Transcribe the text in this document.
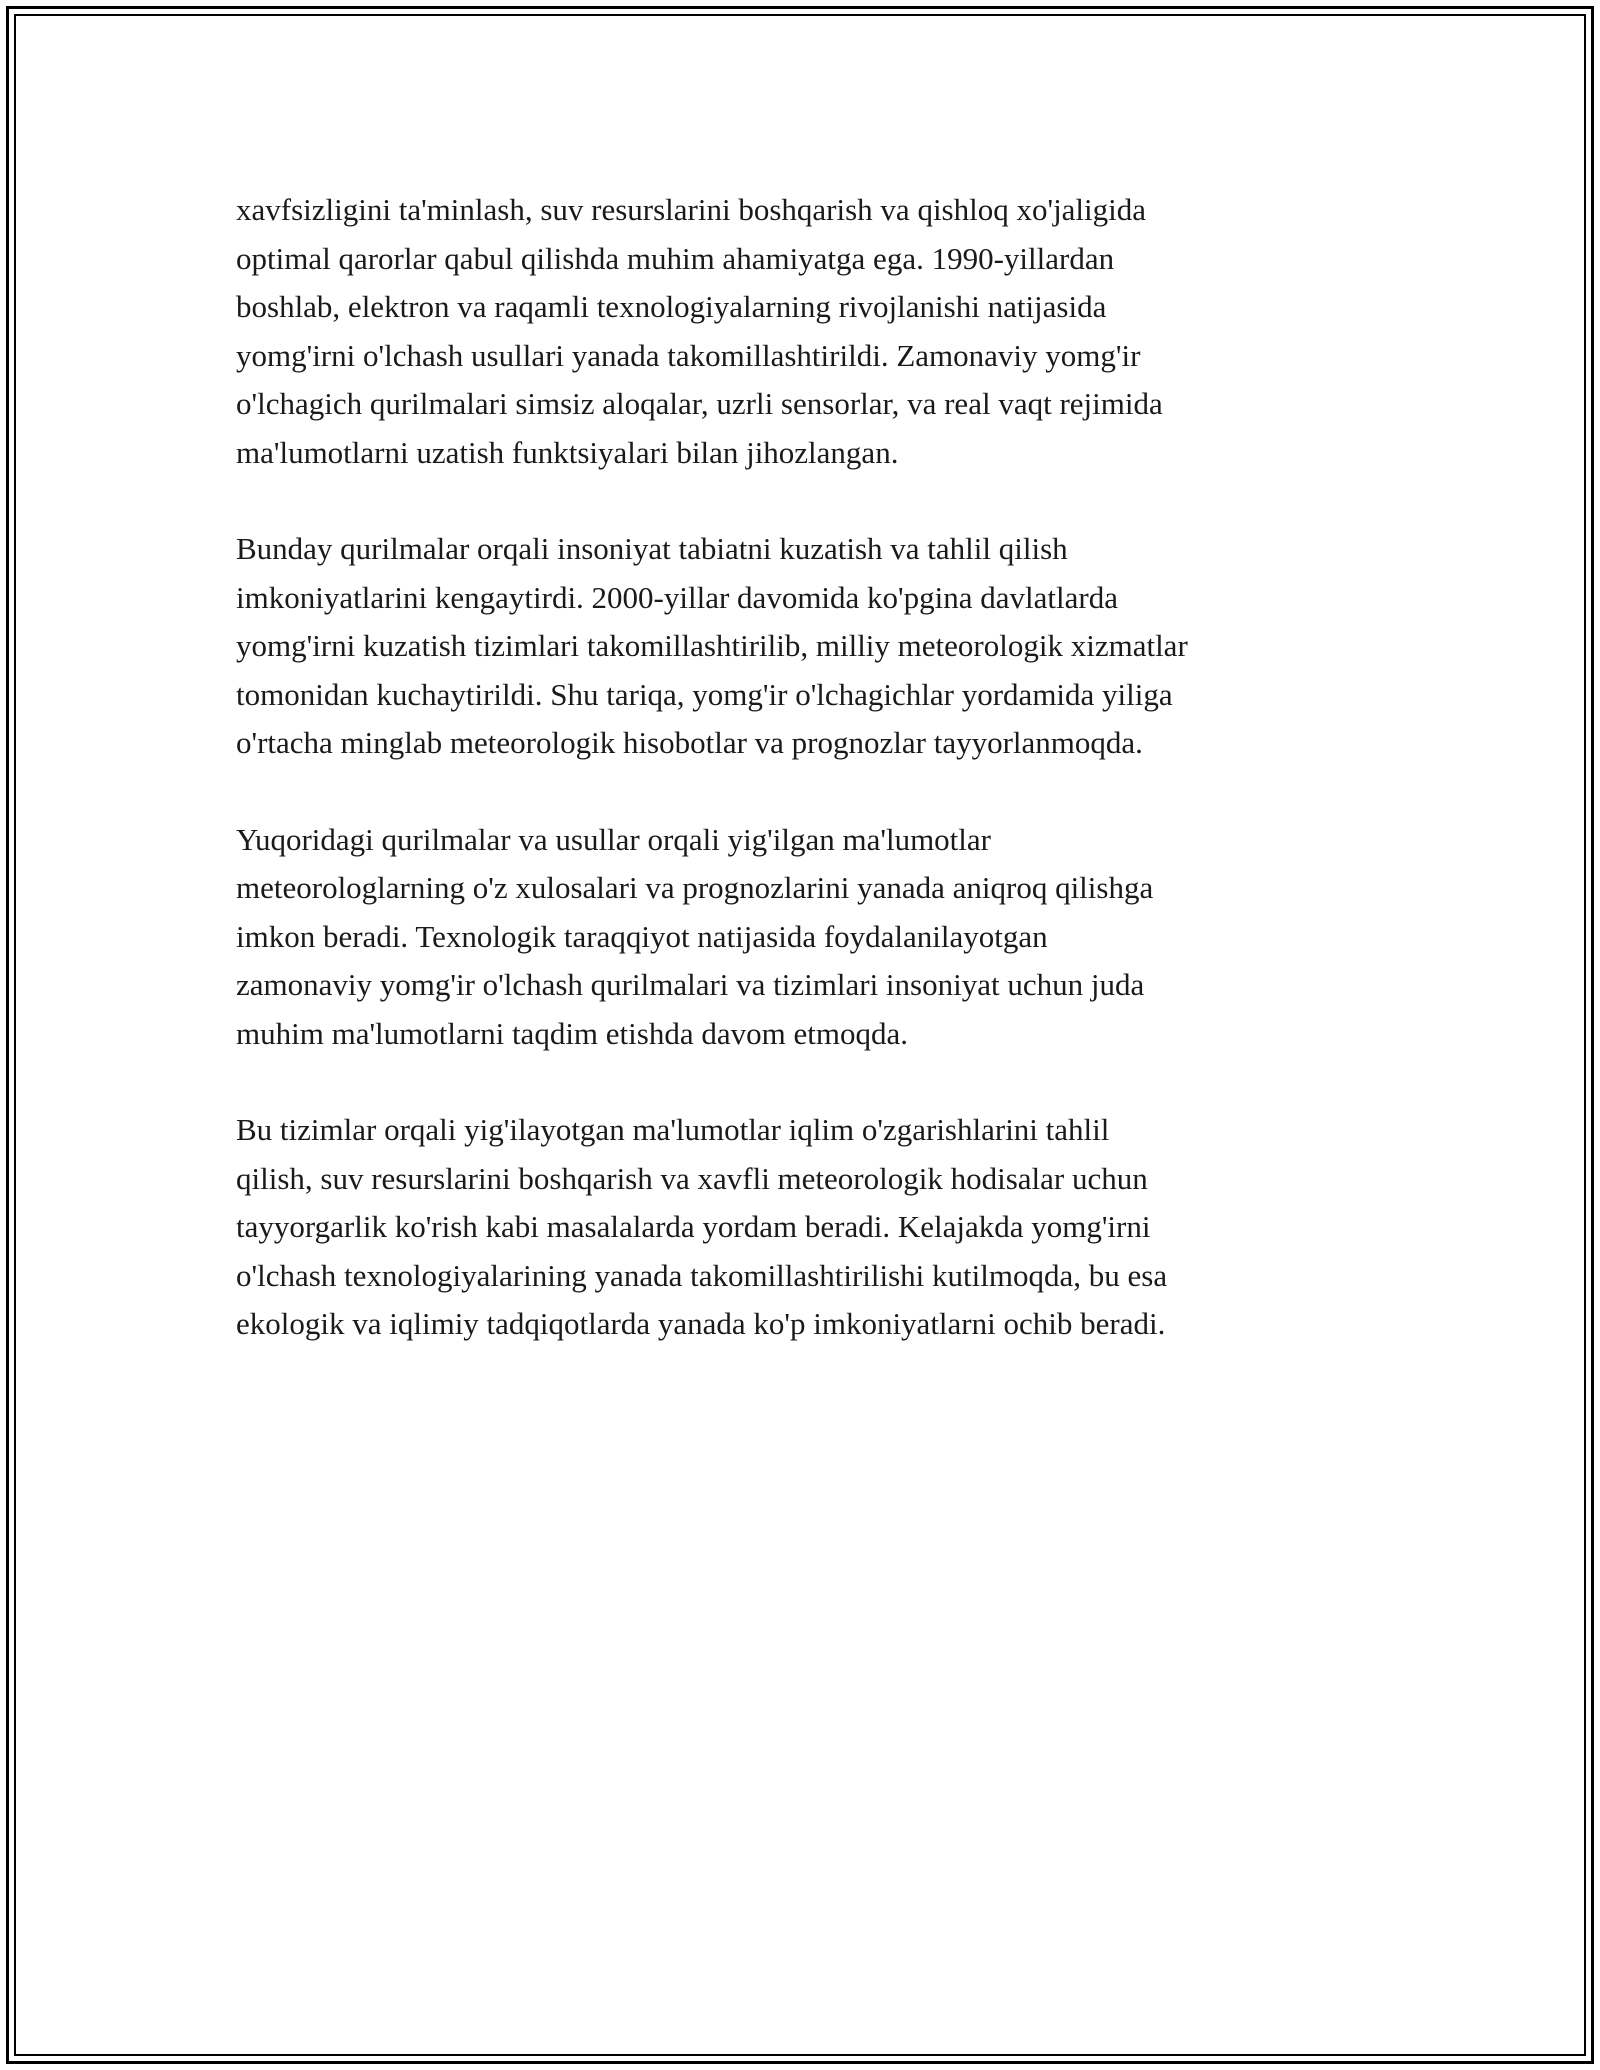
xavfsizligini ta'minlash, suv resurslarini boshqarish va qishloq xo'jaligida
optimal qarorlar qabul qilishda muhim ahamiyatga ega. 1990-yillardan
boshlab, elektron va raqamli texnologiyalarning rivojlanishi natijasida
yomg'irni o'lchash usullari yanada takomillashtirildi. Zamonaviy yomg'ir
o'lchagich qurilmalari simsiz aloqalar, uzrli sensorlar, va real vaqt rejimida
ma'lumotlarni uzatish funktsiyalari bilan jihozlangan.

Bunday qurilmalar orqali insoniyat tabiatni kuzatish va tahlil qilish
imkoniyatlarini kengaytirdi. 2000-yillar davomida ko'pgina davlatlarda
yomg'irni kuzatish tizimlari takomillashtirilib, milliy meteorologik xizmatlar
tomonidan kuchaytirildi. Shu tariqa, yomg'ir o'lchagichlar yordamida yiliga
o'rtacha minglab meteorologik hisobotlar va prognozlar tayyorlanmoqda.

Yuqoridagi qurilmalar va usullar orqali yig'ilgan ma'lumotlar
meteorologlarning o'z xulosalari va prognozlarini yanada aniqroq qilishga
imkon beradi. Texnologik taraqqiyot natijasida foydalanilayotgan
zamonaviy yomg'ir o'lchash qurilmalari va tizimlari insoniyat uchun juda
muhim ma'lumotlarni taqdim etishda davom etmoqda.

Bu tizimlar orqali yig'ilayotgan ma'lumotlar iqlim o'zgarishlarini tahlil
qilish, suv resurslarini boshqarish va xavfli meteorologik hodisalar uchun
tayyorgarlik ko'rish kabi masalalarda yordam beradi. Kelajakda yomg'irni
o'lchash texnologiyalarining yanada takomillashtirilishi kutilmoqda, bu esa
ekologik va iqlimiy tadqiqotlarda yanada ko'p imkoniyatlarni ochib beradi.
